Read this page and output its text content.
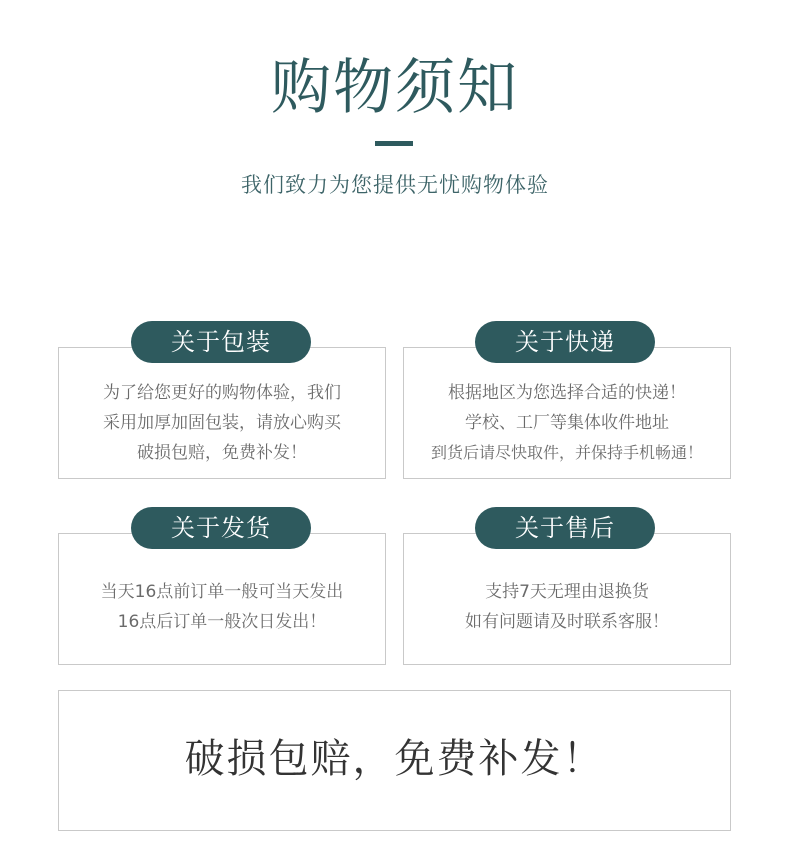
购物须知
我们致力为您提供无忧购物体验
为了给您更好的购物体验，我们
采用加厚加固包装，请放心购买
破损包赔，免费补发！
关于包装
根据地区为您选择合适的快递！
学校、工厂等集体收件地址
到货后请尽快取件，并保持手机畅通！
关于快递
当天16点前订单一般可当天发出
16点后订单一般次日发出！
关于发货
支持7天无理由退换货
如有问题请及时联系客服！
关于售后
破损包赔，免费补发！
